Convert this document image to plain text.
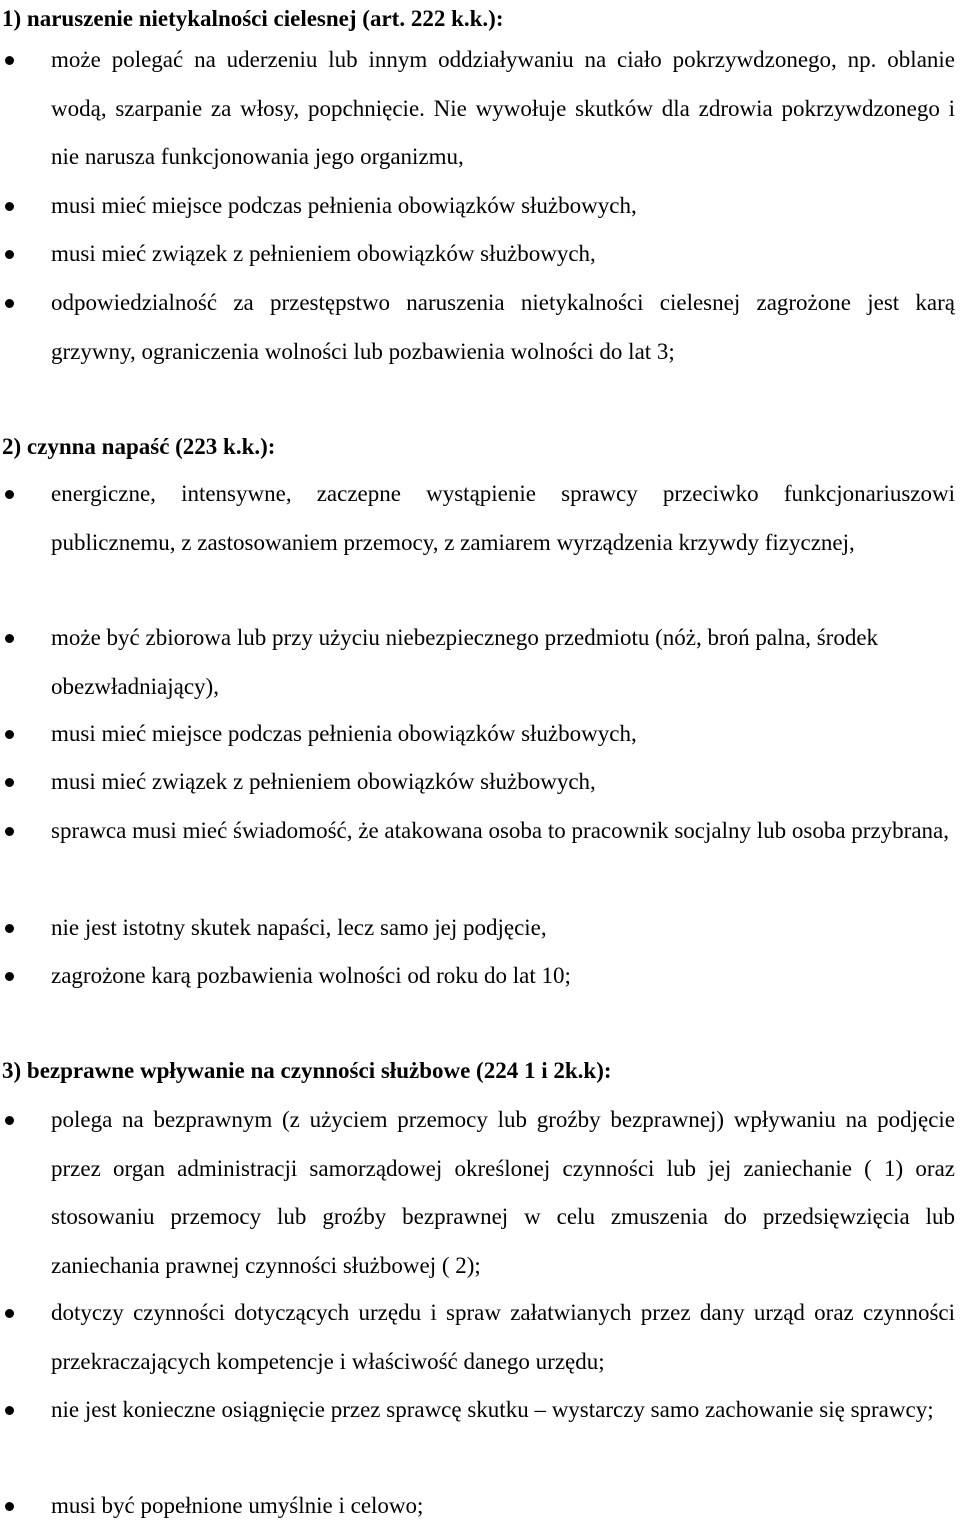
1) naruszenie nietykalności cielesnej (art. 222 k.k.):
może polegać na uderzeniu lub innym oddziaływaniu na ciało pokrzywdzonego, np. oblanie wodą, szarpanie za włosy, popchnięcie. Nie wywołuje skutków dla zdrowia pokrzywdzonego i nie narusza funkcjonowania jego organizmu,
musi mieć miejsce podczas pełnienia obowiązków służbowych,
musi mieć związek z pełnieniem obowiązków służbowych,
odpowiedzialność za przestępstwo naruszenia nietykalności cielesnej zagrożone jest karą grzywny, ograniczenia wolności lub pozbawienia wolności do lat 3;
2) czynna napaść (223 k.k.):
energiczne, intensywne, zaczepne wystąpienie sprawcy przeciwko funkcjonariuszowi publicznemu, z zastosowaniem przemocy, z zamiarem wyrządzenia krzywdy fizycznej,
może być zbiorowa lub przy użyciu niebezpiecznego przedmiotu (nóż, broń palna, środek obezwładniający),
musi mieć miejsce podczas pełnienia obowiązków służbowych,
musi mieć związek z pełnieniem obowiązków służbowych,
sprawca musi mieć świadomość, że atakowana osoba to pracownik socjalny lub osoba przybrana,
nie jest istotny skutek napaści, lecz samo jej podjęcie,
zagrożone karą pozbawienia wolności od roku do lat 10;
3) bezprawne wpływanie na czynności służbowe (224 1 i 2k.k):
polega na bezprawnym (z użyciem przemocy lub groźby bezprawnej) wpływaniu na podjęcie przez organ administracji samorządowej określonej czynności lub jej zaniechanie ( 1) oraz stosowaniu przemocy lub groźby bezprawnej w celu zmuszenia do przedsięwzięcia lub zaniechania prawnej czynności służbowej ( 2);
dotyczy czynności dotyczących urzędu i spraw załatwianych przez dany urząd oraz czynności przekraczających kompetencje i właściwość danego urzędu;
nie jest konieczne osiągnięcie przez sprawcę skutku – wystarczy samo zachowanie się sprawcy;
musi być popełnione umyślnie i celowo;
